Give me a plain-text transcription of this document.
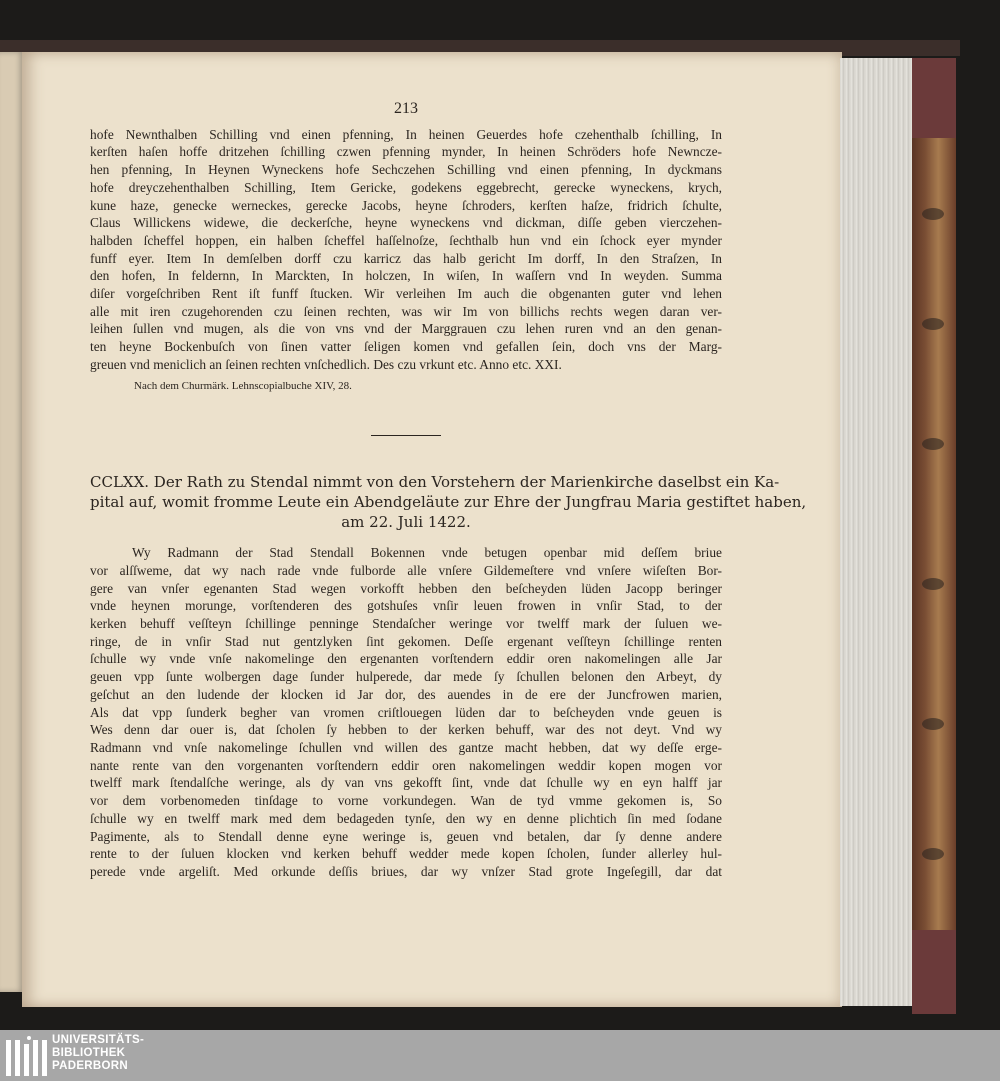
213

hofe Newnthalben Schilling vnd einen pfenning, In heinen Geuerdes hofe czehenthalb ſchilling, In
kerſten haſen hoffe dritzehen ſchilling czwen pfenning mynder, In heinen Schröders hofe Newncze-
hen pfenning, In Heynen Wyneckens hofe Sechczehen Schilling vnd einen pfenning, In dyckmans
hofe dreyczehenthalben Schilling, Item Gericke, godekens eggebrecht, gerecke wyneckens, krych,
kune haze, genecke werneckes, gerecke Jacobs, heyne ſchroders, kerſten haſze, fridrich ſchulte,
Claus Willickens widewe, die deckerſche, heyne wyneckens vnd dickman, diſſe geben vierczehen-
halbden ſcheffel hoppen, ein halben ſcheffel haſſelnoſze, ſechthalb hun vnd ein ſchock eyer mynder
funff eyer. Item In demſelben dorff czu karricz das halb gericht Im dorff, In den Straſzen, In
den hofen, In feldernn, In Marckten, In holczen, In wiſen, In waſſern vnd In weyden. Summa
diſer vorgeſchriben Rent iſt funff ſtucken. Wir verleihen Im auch die obgenanten guter vnd lehen
alle mit iren czugehorenden czu ſeinen rechten, was wir Im von billichs rechts wegen daran ver-
leihen ſullen vnd mugen, als die von vns vnd der Marggrauen czu lehen ruren vnd an den genan-
ten heyne Bockenbuſch von ſinen vatter ſeligen komen vnd gefallen ſein, doch vns der Marg-
greuen vnd menicliсh an ſeinen rechten vnſchedlich. Des czu vrkunt etc. Anno etc. XXI.

Nach dem Churmärk. Lehnscopialbuche XIV, 28.

CCLXX. Der Rath zu Stendal nimmt von den Vorstehern der Marienkirche daselbst ein Ka-
pital auf, womit fromme Leute ein Abendgeläute zur Ehre der Jungfrau Maria gestiftet haben,
am 22. Juli 1422.

Wy Radmann der Stad Stendall Bokennen vnde betugen openbar mid deſſem briue
vor alſſweme, dat wy nach rade vnde fulborde alle vnſere Gildemeſtere vnd vnſere wiſeſten Bor-
gere van vnſer egenanten Stad wegen vorkofft hebben den beſcheyden lüden Jacopp beringer
vnde heynen morunge, vorſtenderen des gotshuſes vnſir leuen frowen in vnſir Stad, to der
kerken behuff veſſteyn ſchillinge penninge Stendaſcher weringe vor twelff mark der ſuluen we-
ringe, de in vnſir Stad nut gentzlyken ſint gekomen. Deſſe ergenant veſſteyn ſchillinge renten
ſchulle wy vnde vnſe nakomelinge den ergenanten vorſtendern eddir oren nakomelingen alle Jar
geuen vpp ſunte wolbergen dage ſunder hulperede, dar mede ſy ſchullen belonen den Arbeyt, dy
geſchut an den ludende der klocken id Jar dor, des auendes in de ere der Juncfrowen marien,
Als dat vpp ſunderk begher van vromen criſtlouegen lüden dar to beſcheyden vnde geuen is
Wes denn dar ouer is, dat ſcholen ſy hebben to der kerken behuff, war des not deyt. Vnd wy
Radmann vnd vnſe nakomelinge ſchullen vnd willen des gantze macht hebben, dat wy deſſe erge-
nante rente van den vorgenanten vorſtendern eddir oren nakomelingen weddir kopen mogen vor
twelff mark ſtendalſche weringe, als dy van vns gekofft ſint, vnde dat ſchulle wy en eyn halff jar
vor dem vorbenomeden tinſdage to vorne vorkundegen. Wan de tyd vmme gekomen is, So
ſchulle wy en twelff mark med dem bedageden tynſe, den wy en denne plichtich ſin med ſodane
Pagimente, als to Stendall denne eyne weringe is, geuen vnd betalen, dar ſy denne andere
rente to der ſuluen klocken vnd kerken behuff wedder mede kopen ſcholen, ſunder allerley hul-
perede vnde argeliſt. Med orkunde deſſis briues, dar wy vnſzer Stad grote Ingeſegill, dar dat

UNIVERSITÄTS-
BIBLIOTHEK
PADERBORN
